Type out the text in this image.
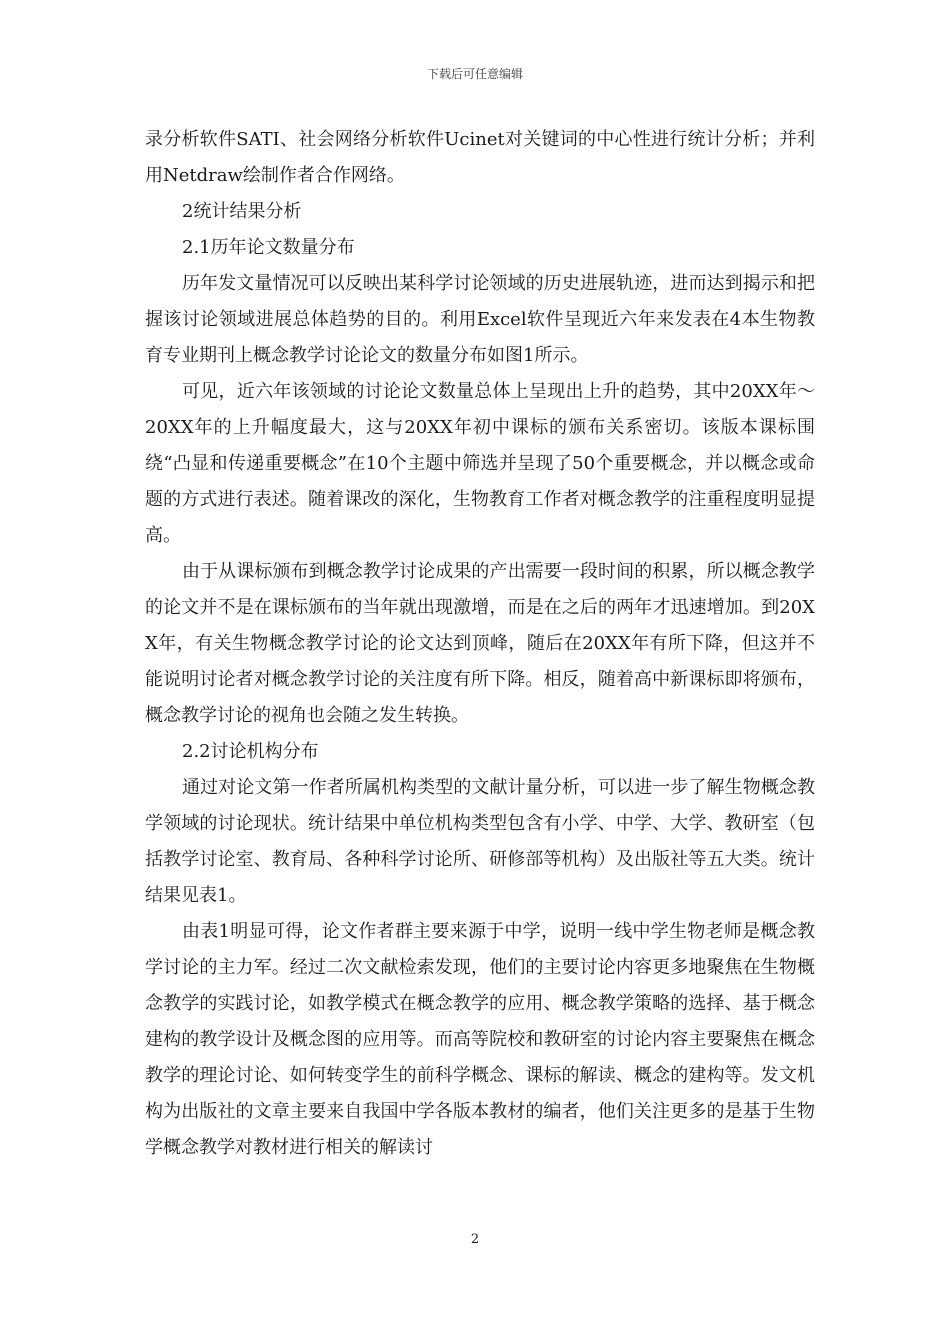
下载后可任意编辑

录分析软件SATI、社会网络分析软件Ucinet对关键词的中心性进行统计分析；并利用Netdraw绘制作者合作网络。

2统计结果分析

2.1历年论文数量分布

历年发文量情况可以反映出某科学讨论领域的历史进展轨迹，进而达到揭示和把握该讨论领域进展总体趋势的目的。利用Excel软件呈现近六年来发表在4本生物教育专业期刊上概念教学讨论论文的数量分布如图1所示。

可见，近六年该领域的讨论论文数量总体上呈现出上升的趋势，其中20XX年～20XX年的上升幅度最大，这与20XX年初中课标的颁布关系密切。该版本课标围绕“凸显和传递重要概念”在10个主题中筛选并呈现了50个重要概念，并以概念或命题的方式进行表述。随着课改的深化，生物教育工作者对概念教学的注重程度明显提高。

由于从课标颁布到概念教学讨论成果的产出需要一段时间的积累，所以概念教学的论文并不是在课标颁布的当年就出现激增，而是在之后的两年才迅速增加。到20XX年，有关生物概念教学讨论的论文达到顶峰，随后在20XX年有所下降，但这并不能说明讨论者对概念教学讨论的关注度有所下降。相反，随着高中新课标即将颁布，概念教学讨论的视角也会随之发生转换。

2.2讨论机构分布

通过对论文第一作者所属机构类型的文献计量分析，可以进一步了解生物概念教学领域的讨论现状。统计结果中单位机构类型包含有小学、中学、大学、教研室（包括教学讨论室、教育局、各种科学讨论所、研修部等机构）及出版社等五大类。统计结果见表1。

由表1明显可得，论文作者群主要来源于中学，说明一线中学生物老师是概念教学讨论的主力军。经过二次文献检索发现，他们的主要讨论内容更多地聚焦在生物概念教学的实践讨论，如教学模式在概念教学的应用、概念教学策略的选择、基于概念建构的教学设计及概念图的应用等。而高等院校和教研室的讨论内容主要聚焦在概念教学的理论讨论、如何转变学生的前科学概念、课标的解读、概念的建构等。发文机构为出版社的文章主要来自我国中学各版本教材的编者，他们关注更多的是基于生物学概念教学对教材进行相关的解读讨

2
